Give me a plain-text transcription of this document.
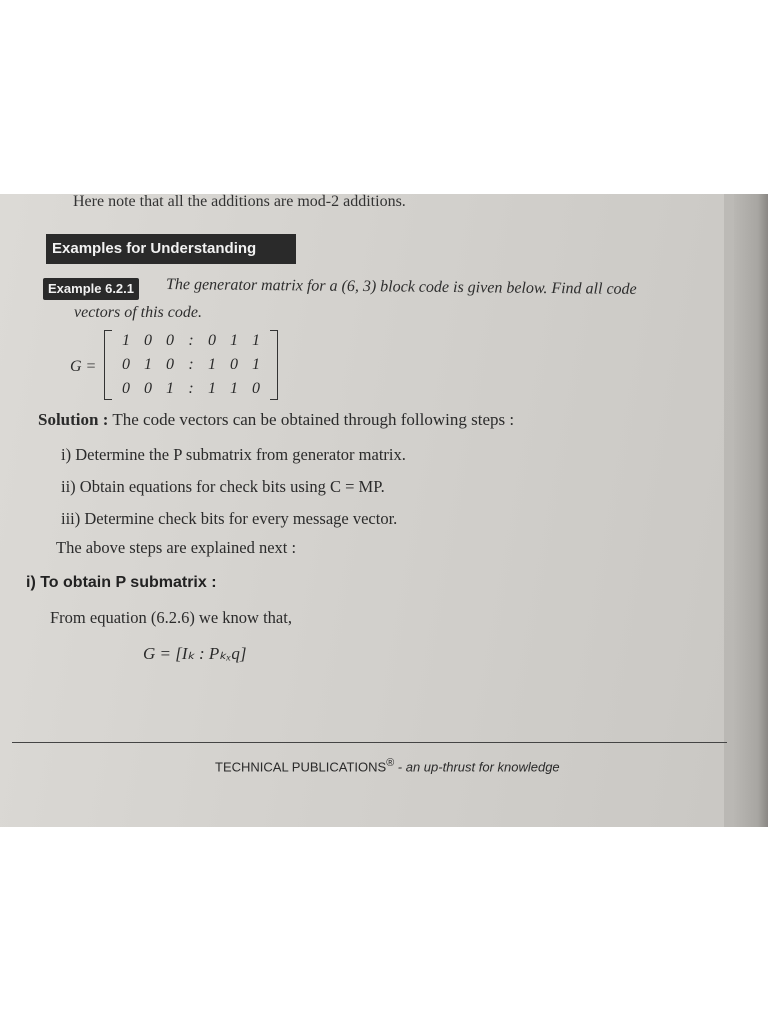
Here note that all the additions are mod-2 additions.
Examples for Understanding
Example 6.2.1	The generator matrix for a (6, 3) block code is given below. Find all code
vectors of this code.
G =
1 0 0 : 0 1 1
0 1 0 : 1 0 1
0 0 1 : 1 1 0
Solution : The code vectors can be obtained through following steps :
i) Determine the P submatrix from generator matrix.
ii) Obtain equations for check bits using C = MP.
iii) Determine check bits for every message vector.
The above steps are explained next :
i) To obtain P submatrix :
From equation (6.2.6) we know that,
G = [Iₖ : Pₖₓq]
TECHNICAL PUBLICATIONS® - an up-thrust for knowledge
